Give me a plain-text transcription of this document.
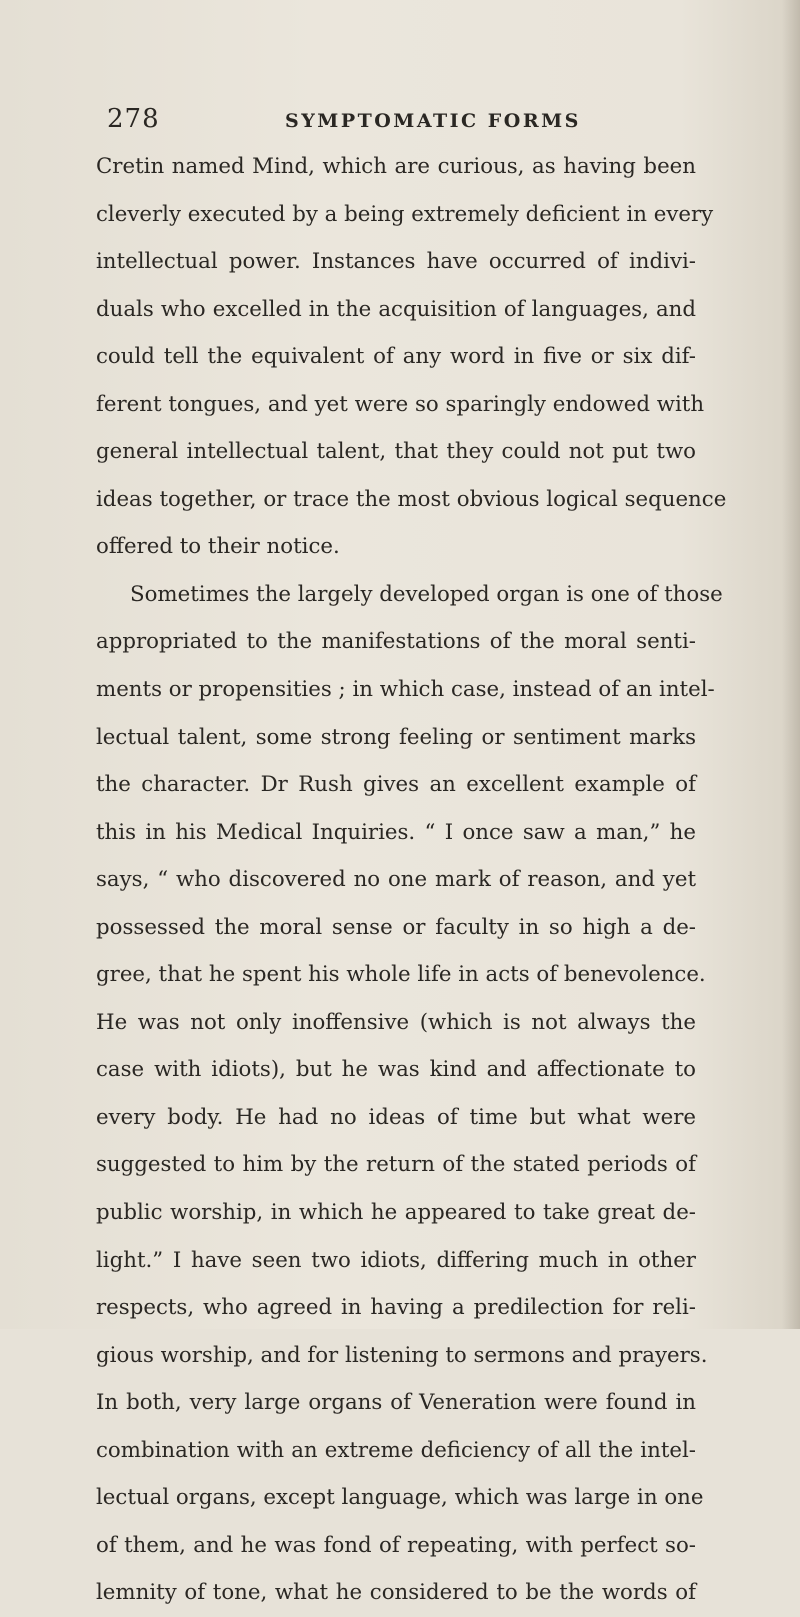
278	SYMPTOMATIC FORMS
Cretin named Mind, which are curious, as having been
cleverly executed by a being extremely deficient in every
intellectual power. Instances have occurred of indivi-
duals who excelled in the acquisition of languages, and
could tell the equivalent of any word in five or six dif-
ferent tongues, and yet were so sparingly endowed with
general intellectual talent, that they could not put two
ideas together, or trace the most obvious logical sequence
offered to their notice.
Sometimes the largely developed organ is one of those
appropriated to the manifestations of the moral senti-
ments or propensities ; in which case, instead of an intel-
lectual talent, some strong feeling or sentiment marks
the character. Dr Rush gives an excellent example of
this in his Medical Inquiries. “ I once saw a man,” he
says, “ who discovered no one mark of reason, and yet
possessed the moral sense or faculty in so high a de-
gree, that he spent his whole life in acts of benevolence.
He was not only inoffensive (which is not always the
case with idiots), but he was kind and affectionate to
every body. He had no ideas of time but what were
suggested to him by the return of the stated periods of
public worship, in which he appeared to take great de-
light.” I have seen two idiots, differing much in other
respects, who agreed in having a predilection for reli-
gious worship, and for listening to sermons and prayers.
In both, very large organs of Veneration were found in
combination with an extreme deficiency of all the intel-
lectual organs, except language, which was large in one
of them, and he was fond of repeating, with perfect so-
lemnity of tone, what he considered to be the words of
